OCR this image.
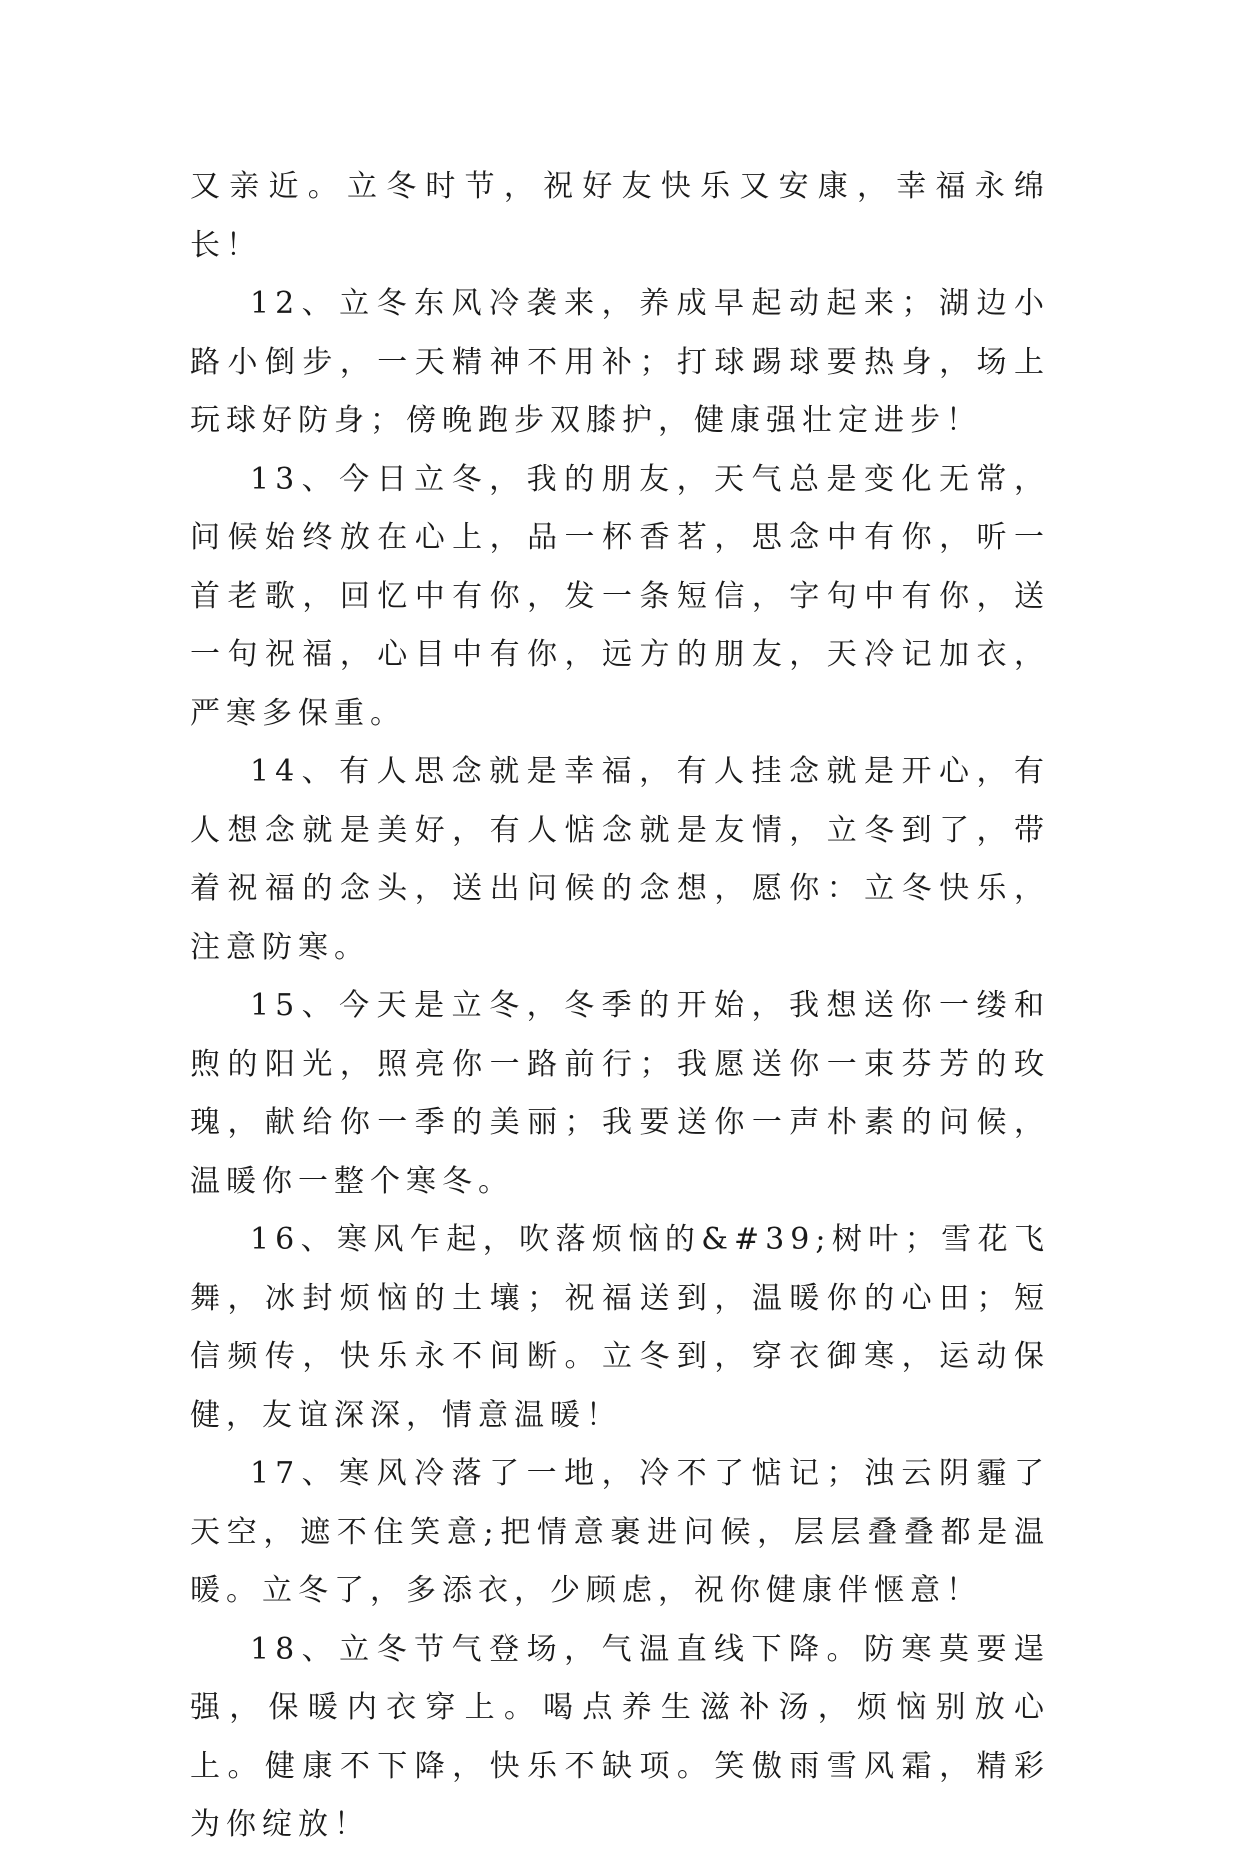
又亲近。立冬时节，祝好友快乐又安康，幸福永绵长！

12、立冬东风冷袭来，养成早起动起来；湖边小路小倒步，一天精神不用补；打球踢球要热身，场上玩球好防身；傍晚跑步双膝护，健康强壮定进步！

13、今日立冬，我的朋友，天气总是变化无常，问候始终放在心上，品一杯香茗，思念中有你，听一首老歌，回忆中有你，发一条短信，字句中有你，送一句祝福，心目中有你，远方的朋友，天冷记加衣，严寒多保重。

14、有人思念就是幸福，有人挂念就是开心，有人想念就是美好，有人惦念就是友情，立冬到了，带着祝福的念头，送出问候的念想，愿你：立冬快乐，注意防寒。

15、今天是立冬，冬季的开始，我想送你一缕和煦的阳光，照亮你一路前行；我愿送你一束芬芳的玫瑰，献给你一季的美丽；我要送你一声朴素的问候，温暖你一整个寒冬。

16、寒风乍起，吹落烦恼的&#39;树叶；雪花飞舞，冰封烦恼的土壤；祝福送到，温暖你的心田；短信频传，快乐永不间断。立冬到，穿衣御寒，运动保健，友谊深深，情意温暖！

17、寒风冷落了一地，冷不了惦记；浊云阴霾了天空，遮不住笑意;把情意裹进问候，层层叠叠都是温暖。立冬了，多添衣，少顾虑，祝你健康伴惬意！

18、立冬节气登场，气温直线下降。防寒莫要逞强，保暖内衣穿上。喝点养生滋补汤，烦恼别放心上。健康不下降，快乐不缺项。笑傲雨雪风霜，精彩为你绽放！
